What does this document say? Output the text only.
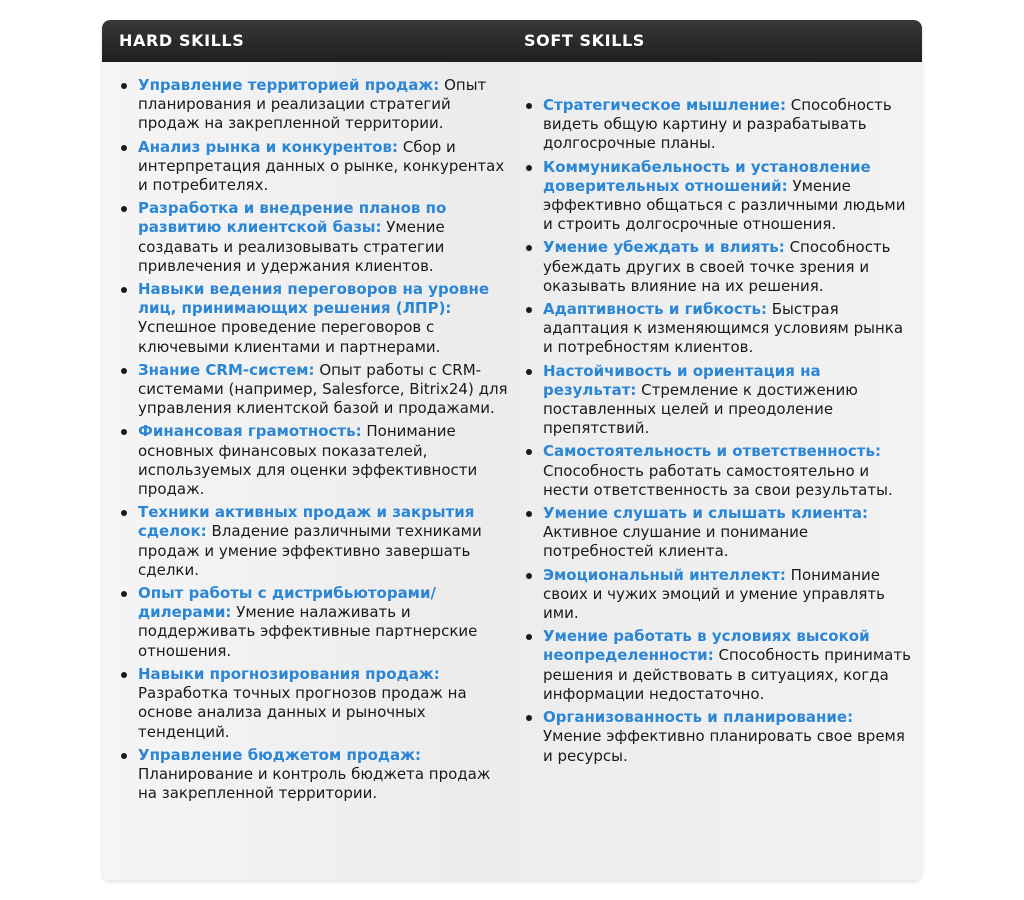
HARD SKILLS	SOFT SKILLS
Управление территорией продаж: Опыт планирования и реализации стратегий продаж на закрепленной территории.
Анализ рынка и конкурентов: Сбор и интерпретация данных о рынке, конкурентах и потребителях.
Разработка и внедрение планов по развитию клиентской базы: Умение создавать и реализовывать стратегии привлечения и удержания клиентов.
Навыки ведения переговоров на уровне лиц, принимающих решения (ЛПР): Успешное проведение переговоров с ключевыми клиентами и партнерами.
Знание CRM-систем: Опыт работы с CRM-системами (например, Salesforce, Bitrix24) для управления клиентской базой и продажами.
Финансовая грамотность: Понимание основных финансовых показателей, используемых для оценки эффективности продаж.
Техники активных продаж и закрытия сделок: Владение различными техниками продаж и умение эффективно завершать сделки.
Опыт работы с дистрибьюторами/ дилерами: Умение налаживать и поддерживать эффективные партнерские отношения.
Навыки прогнозирования продаж: Разработка точных прогнозов продаж на основе анализа данных и рыночных тенденций.
Управление бюджетом продаж: Планирование и контроль бюджета продаж на закрепленной территории.
Стратегическое мышление: Способность видеть общую картину и разрабатывать долгосрочные планы.
Коммуникабельность и установление доверительных отношений: Умение эффективно общаться с различными людьми и строить долгосрочные отношения.
Умение убеждать и влиять: Способность убеждать других в своей точке зрения и оказывать влияние на их решения.
Адаптивность и гибкость: Быстрая адаптация к изменяющимся условиям рынка и потребностям клиентов.
Настойчивость и ориентация на результат: Стремление к достижению поставленных целей и преодоление препятствий.
Самостоятельность и ответственность: Способность работать самостоятельно и нести ответственность за свои результаты.
Умение слушать и слышать клиента: Активное слушание и понимание потребностей клиента.
Эмоциональный интеллект: Понимание своих и чужих эмоций и умение управлять ими.
Умение работать в условиях высокой неопределенности: Способность принимать решения и действовать в ситуациях, когда информации недостаточно.
Организованность и планирование: Умение эффективно планировать свое время и ресурсы.
